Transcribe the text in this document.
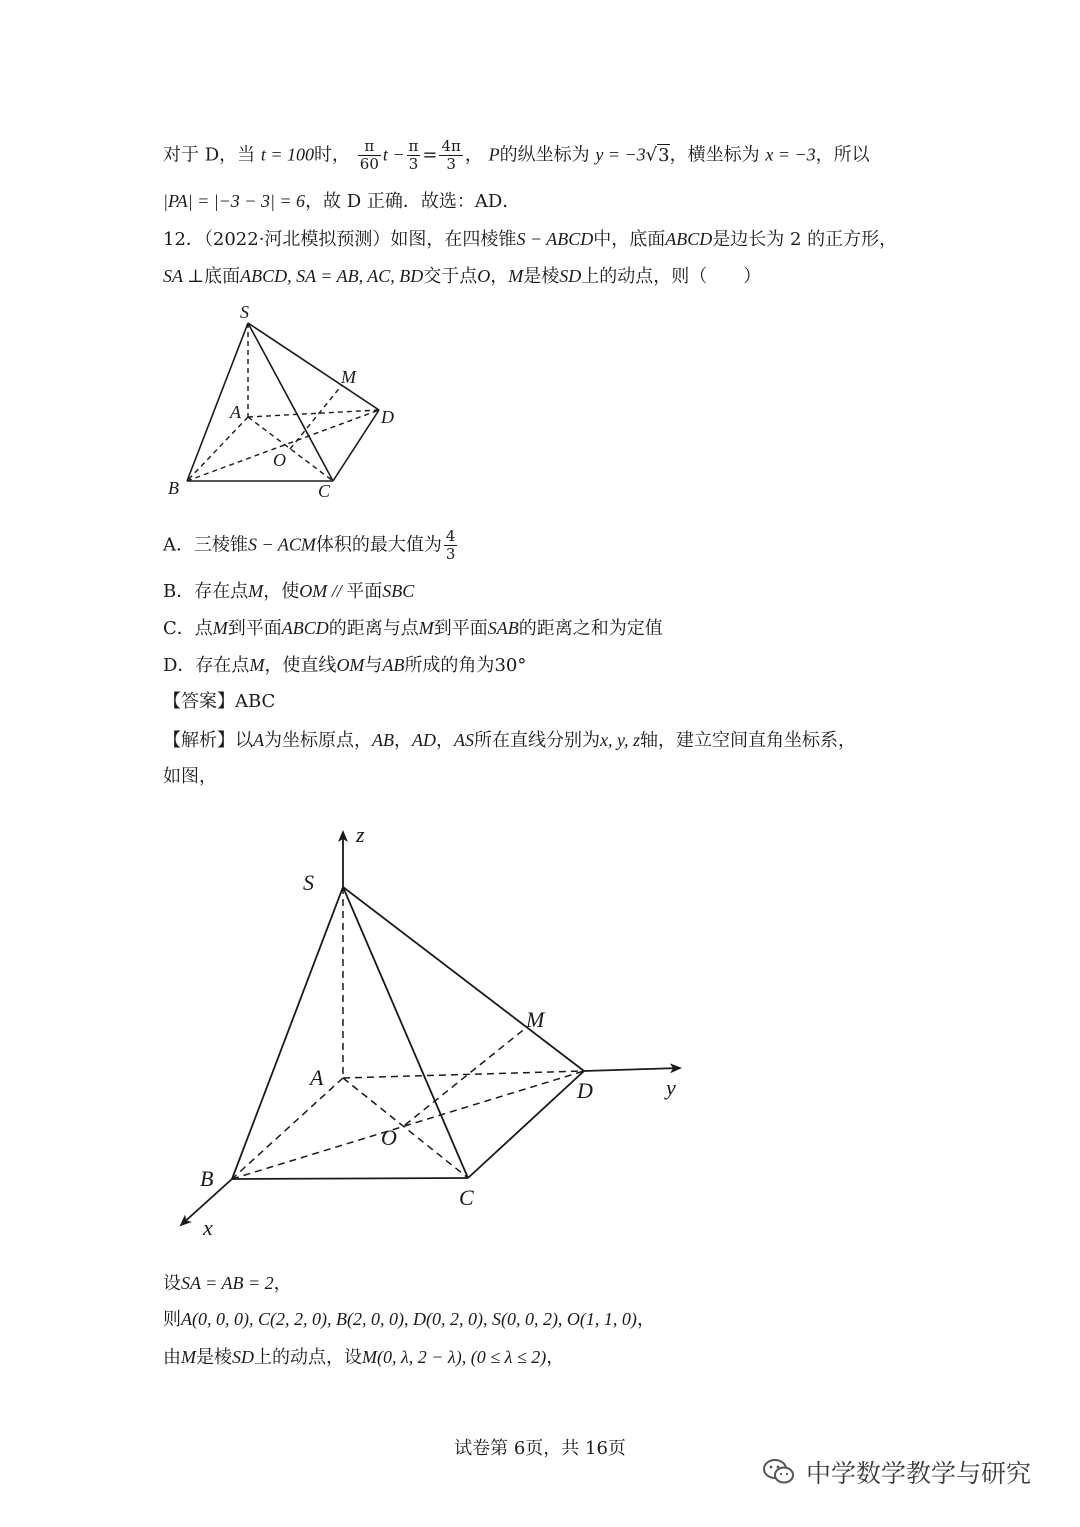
对于 D，当 t = 100时， $\frac{\pi}{60}$ $t - \frac{\pi}{3} = \frac{4\pi}{3}$ ， P的纵坐标为 y = −3√3，横坐标为 x = −3，所以
|PA| = |−3 − 3| = 6，故 D 正确．故选：AD．
12．（2022·河北模拟预测）如图，在四棱锥S − ABCD中，底面ABCD是边长为 2 的正方形，
SA ⊥底面ABCD, SA = AB, AC, BD交于点O，M是棱SD上的动点，则（　　）
S
M
A	D
O
B	C
A．三棱锥S − ACM体积的最大值为 $\frac{4}{3}$
B．存在点M，使OM // 平面SBC
C．点M到平面ABCD的距离与点M到平面SAB的距离之和为定值
D．存在点M，使直线OM与AB所成的角为30°
【答案】ABC
【解析】以A为坐标原点，AB，AD，AS所在直线分别为x, y, z轴，建立空间直角坐标系，
如图，
z
S
M
A
D	y
O
B
C
x
设SA = AB = 2，
则A(0, 0, 0), C(2, 2, 0), B(2, 0, 0), D(0, 2, 0), S(0, 0, 2), O(1, 1, 0)，
由M是棱SD上的动点，设M(0, λ, 2 − λ), (0 ≤ λ ≤ 2)，
试卷第 6页，共 16页
中学数学教学与研究
